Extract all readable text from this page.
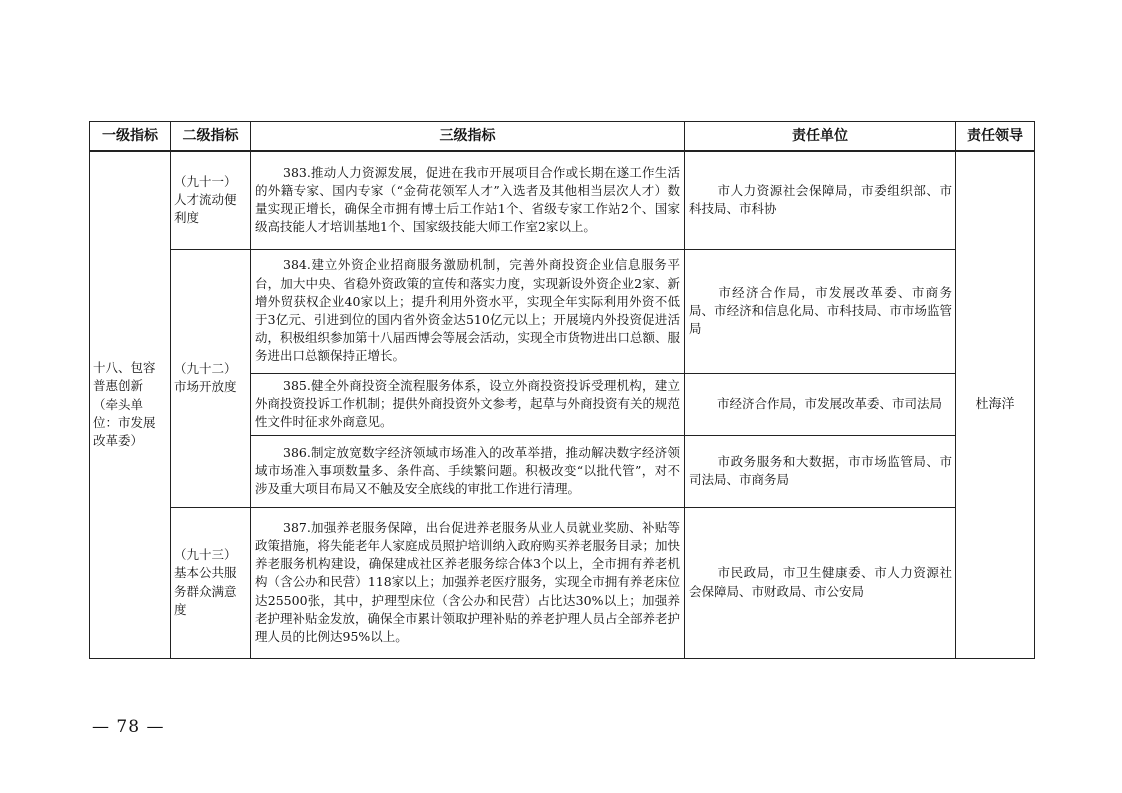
一级指标	二级指标	三级指标	责任单位	责任领导
十八、包容普惠创新（牵头单位：市发展改革委）	（九十一）人才流动便利度	383.推动人力资源发展，促进在我市开展项目合作或长期在遂工作生活的外籍专家、国内专家（“金荷花领军人才”入选者及其他相当层次人才）数量实现正增长，确保全市拥有博士后工作站1个、省级专家工作站2个、国家级高技能人才培训基地1个、国家级技能大师工作室2家以上。	市人力资源社会保障局，市委组织部、市科技局、市科协	杜海洋
	（九十二）市场开放度	384.建立外资企业招商服务激励机制，完善外商投资企业信息服务平台，加大中央、省稳外资政策的宣传和落实力度，实现新设外资企业2家、新增外贸获权企业40家以上；提升利用外资水平，实现全年实际利用外资不低于3亿元、引进到位的国内省外资金达510亿元以上；开展境内外投资促进活动，积极组织参加第十八届西博会等展会活动，实现全市货物进出口总额、服务进出口总额保持正增长。	市经济合作局，市发展改革委、市商务局、市经济和信息化局、市科技局、市市场监管局	
		385.健全外商投资全流程服务体系，设立外商投资投诉受理机构，建立外商投资投诉工作机制；提供外商投资外文参考，起草与外商投资有关的规范性文件时征求外商意见。	市经济合作局，市发展改革委、市司法局	
		386.制定放宽数字经济领域市场准入的改革举措，推动解决数字经济领域市场准入事项数量多、条件高、手续繁问题。积极改变“以批代管”，对不涉及重大项目布局又不触及安全底线的审批工作进行清理。	市政务服务和大数据，市市场监管局、市司法局、市商务局	
	（九十三）基本公共服务群众满意度	387.加强养老服务保障，出台促进养老服务从业人员就业奖励、补贴等政策措施，将失能老年人家庭成员照护培训纳入政府购买养老服务目录；加快养老服务机构建设，确保建成社区养老服务综合体3个以上，全市拥有养老机构（含公办和民营）118家以上；加强养老医疗服务，实现全市拥有养老床位达25500张，其中，护理型床位（含公办和民营）占比达30%以上；加强养老护理补贴金发放，确保全市累计领取护理补贴的养老护理人员占全部养老护理人员的比例达95%以上。	市民政局，市卫生健康委、市人力资源社会保障局、市财政局、市公安局	
— 78 —
